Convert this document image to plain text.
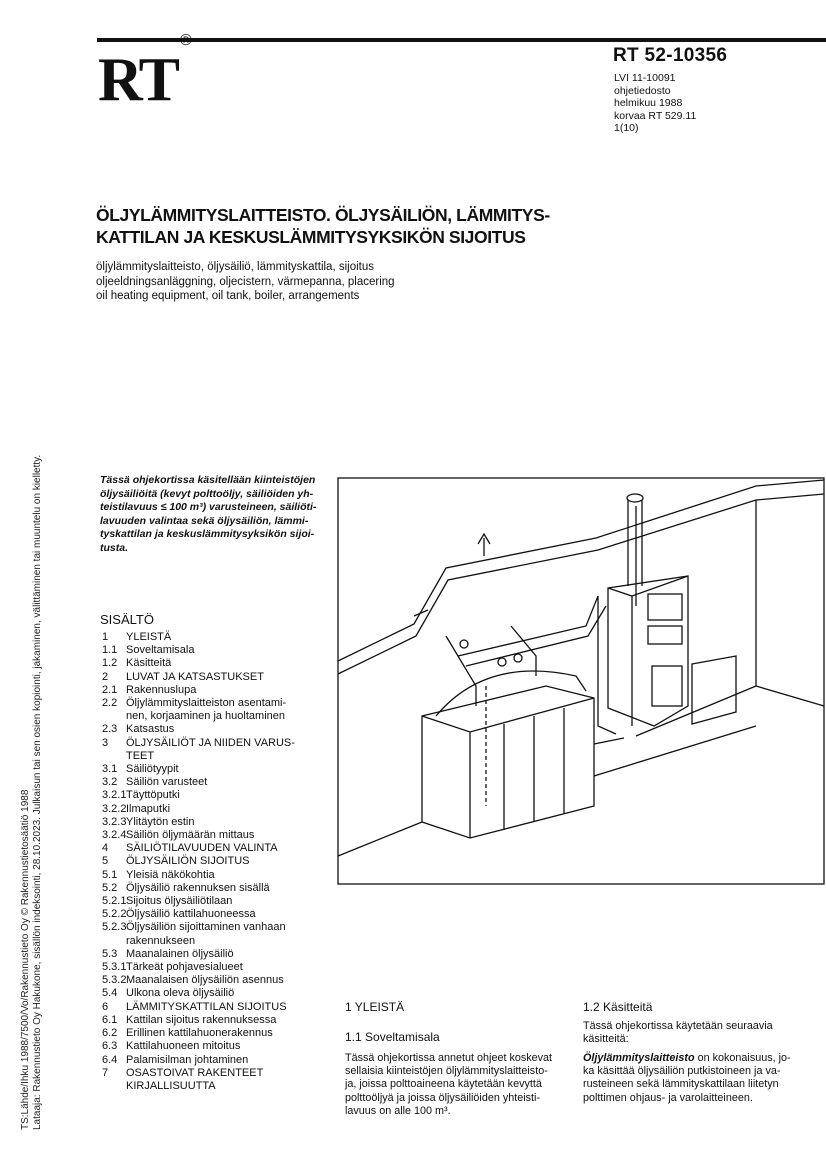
RT®
RT 52-10356
LVI 11-10091
ohjetiedosto
helmikuu 1988
korvaa RT 529.11
1(10)
ÖLJYLÄMMITYSLAITTEISTO. ÖLJYSÄILIÖN, LÄMMITYS-
KATTILAN JA KESKUSLÄMMITYSYKSIKÖN SIJOITUS
öljylämmityslaitteisto, öljysäiliö, lämmityskattila, sijoitus
oljeeldningsanläggning, oljecistern, värmepanna, placering
oil heating equipment, oil tank, boiler, arrangements
Tässä ohjekortissa käsitellään kiinteistöjen
öljysäiliöitä (kevyt polttoöljy, säiliöiden yh-
teistilavuus ≤ 100 m³) varusteineen, säiliöti-
lavuuden valintaa sekä öljysäiliön, lämmi-
tyskattilan ja keskuslämmitysyksikön sijoi-
tusta.
SISÄLTÖ
1	YLEISTÄ
1.1 Soveltamisala
1.2 Käsitteitä
2	LUVAT JA KATSASTUKSET
2.1 Rakennuslupa
2.2 Öljylämmityslaitteiston asentami-
nen, korjaaminen ja huoltaminen
2.3 Katsastus
3	ÖLJYSÄILIÖT JA NIIDEN VARUS-
TEET
3.1 Säiliötyypit
3.2 Säiliön varusteet
3.2.1 Täyttöputki
3.2.2 Ilmaputki
3.2.3 Ylitäytön estin
3.2.4 Säiliön öljymäärän mittaus
4	SÄILIÖTILAVUUDEN VALINTA
5	ÖLJYSÄILIÖN SIJOITUS
5.1 Yleisiä näkökohtia
5.2 Öljysäiliö rakennuksen sisällä
5.2.1 Sijoitus öljysäiliötilaan
5.2.2 Öljysäiliö kattilahuoneessa
5.2.3 Öljysäiliön sijoittaminen vanhaan
rakennukseen
5.3 Maanalainen öljysäiliö
5.3.1 Tärkeät pohjavesialueet
5.3.2 Maanalaisen öljysäiliön asennus
5.4 Ulkona oleva öljysäiliö
6	LÄMMITYSKATTILAN SIJOITUS
6.1 Kattilan sijoitus rakennuksessa
6.2 Erillinen kattilahuonerakennus
6.3 Kattilahuoneen mitoitus
6.4 Palamisilman johtaminen
7	OSASTOIVAT RAKENTEET
KIRJALLISUUTTA
1 YLEISTÄ
1.1 Soveltamisala
Tässä ohjekortissa annetut ohjeet koskevat
sellaisia kiinteistöjen öljylämmityslaitteisto-
ja, joissa polttoaineena käytetään kevyttä
polttoöljyä ja joissa öljysäiliöiden yhteisti-
lavuus on alle 100 m³.
1.2 Käsitteitä
Tässä ohjekortissa käytetään seuraavia
käsitteitä:
Öljylämmityslaitteisto on kokonaisuus, jo-
ka käsittää öljysäiliön putkistoineen ja va-
rusteineen sekä lämmityskattilaan liitetyn
polttimen ohjaus- ja varolaitteineen.
TS:Lähde/Ihku 1988/7500/Vo/Rakennustieto Oy © Rakennustietosäätiö 1988 Lataaja: Rakennustieto Oy Hakukone, sisällön indeksointi, 28.10.2023. Julkaisun tai sen osien kopiointi, jakaminen, välittäminen tai muuntelu on kielletty.
